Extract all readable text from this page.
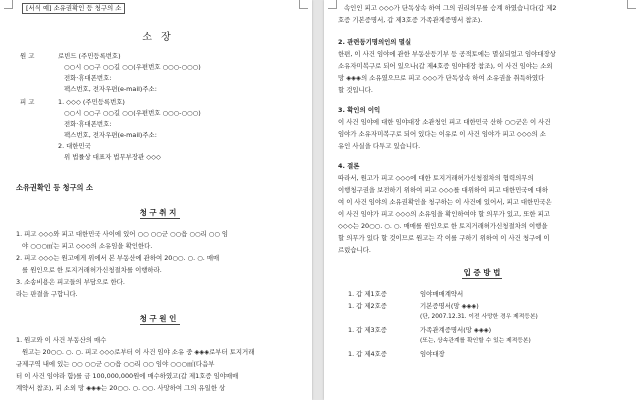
[서식 예] 소유권확인 등 청구의 소
소 장
원 고	로빈드 (주민등록번호)
○○시 ○○구 ○○길 ○○(우편번호 ○○○-○○○)
전화·휴대폰번호:
팩스번호, 전자우편(e-mail)주소:
피 고	1. ◇◇◇ (주민등록번호)
○○시 ○○구 ○○길 ○○(우편번호 ○○○-○○○)
전화·휴대폰번호:
팩스번호, 전자우편(e-mail)주소:
2. 대한민국
위 법률상 대표자 법무부장관 ◇◇◇
소유권확인 등 청구의 소
청 구 취 지
1. 피고 ◇◇◇와 피고 대한민국 사이에 있어 ○○ ○○군 ○○읍 ○○리 ○○ 임
야 ○○○㎡는 피고 ◇◇◇의 소유임을 확인한다.
2. 피고 ◇◇◇는 원고에게 위에서 본 부동산에 관하여 20○○. ○. ○. 매매
를 원인으로 한 토지거래허가신청절차를 이행하라.
3. 소송비용은 피고들의 부담으로 한다.
라는 판결을 구합니다.
청 구 원 인
1. 원고와 이 사건 부동산의 매수
원고는 20○○. ○. ○. 피고 ◇◇◇로부터 이 사건 임야 소유 중 ◈◈◈로부터 토지거래
규제구역 내에 있는 ○○ ○○군 ○○읍 ○○리 ○○ 임야 ○○○㎡(다음부
터 이 사건 임야라 함)를 금 100,000,000원에 매수하였고(갑 제1호증 임야매매
계약서 참조), 피 소외 망 ◈◈◈는 20○○. ○. ○○. 사망하여 그의 유일한 상
속인인 피고 ◇◇◇가 단독상속 하여 그의 권리의무를 승계 하였습니다(갑 제2
호증 기본증명서, 갑 제3호증 가족관계증명서 참조).
2. 관련등기명의인의 멸실
한편, 이 사건 임야에 관한 부동산등기부 등 공적토에는 멸실되었고 임야대장상
소유자미복구로 되어 있으나(갑 제4호증 임야대장 참조), 이 사건 임야는 소외
망 ◈◈◈의 소유였으므로 피고 ◇◇◇가 단독상속 하여 소유권을 취득하였다
할 것입니다.
3. 확인의 이익
이 사건 임야에 대한 임야대장 소관청인 피고 대한민국 산하 ○○군은 이 사건
임야가 소유자미복구로 되어 있다는 이유로 이 사건 임야가 피고 ◇◇◇의 소
유인 사실을 다투고 있습니다.
4. 결론
따라서, 원고가 피고 ◇◇◇에 대한 토지거래허가신청절차의 협력의무의
이행청구권을 보전하기 위하여 피고 ◇◇◇를 대위하여 피고 대한민국에 대하
여 이 사건 임야의 소유권확인을 청구하는 이 사건에 있어서, 피고 대한민국은
이 사건 임야가 피고 ◇◇◇의 소유임을 확인하여야 할 의무가 있고, 또한 피고
◇◇◇는 20○○. ○. ○. 매매를 원인으로 한 토지거래허가신청절차의 이행을
할 의무가 있다 할 것이므로 원고는 각 이를 구하기 위하여 이 사건 청구에 이
르렀습니다.
입 증 방 법
1. 갑 제1호증	임야매매계약서
1. 갑 제2호증	기본증명서(망 ◈◈◈)
(단, 2007.12.31. 이전 사망한 경우 제적등본)
1. 갑 제3호증	가족관계증명서(망 ◈◈◈)
(또는, 상속관계를 확인할 수 있는 제적등본)
1. 갑 제4호증	임야대장
